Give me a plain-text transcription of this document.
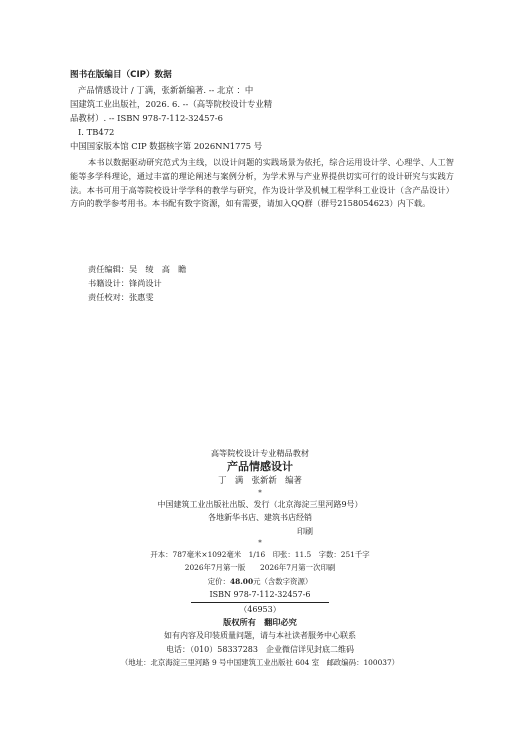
图书在版编目（CIP）数据
产品情感设计 / 丁满，张新新编著. -- 北京 ：中
国建筑工业出版社，2026. 6. --（高等院校设计专业精
品教材）. -- ISBN 978-7-112-32457-6
Ⅰ. TB472
中国国家版本馆 CIP 数据核字第 2026NN1775 号
本书以数据驱动研究范式为主线，以设计问题的实践场景为依托，综合运用设计学、心理学、人工智能等多学科理论，通过丰富的理论阐述与案例分析，为学术界与产业界提供切实可行的设计研究与实践方法。本书可用于高等院校设计学学科的教学与研究，作为设计学及机械工程学科工业设计（含产品设计）方向的教学参考用书。本书配有数字资源，如有需要，请加入QQ群（群号2158054623）内下载。
责任编辑：吴　绫　高　瞻
书籍设计：锋尚设计
责任校对：张惠雯
高等院校设计专业精品教材
产品情感设计
丁　满　张新新　编著
*
中国建筑工业出版社出版、发行（北京海淀三里河路9号）
各地新华书店、建筑书店经销
印刷
*
开本：787毫米×1092毫米　1/16　印张：11.5　字数：251千字
2026年7月第一版　　2026年7月第一次印刷
定价：48.00元（含数字资源）
ISBN 978-7-112-32457-6
（46953）
版权所有　翻印必究
如有内容及印装质量问题，请与本社读者服务中心联系
电话：（010）58337283　企业微信详见封底二维码
（地址：北京海淀三里河路 9 号中国建筑工业出版社 604 室　邮政编码：100037）
